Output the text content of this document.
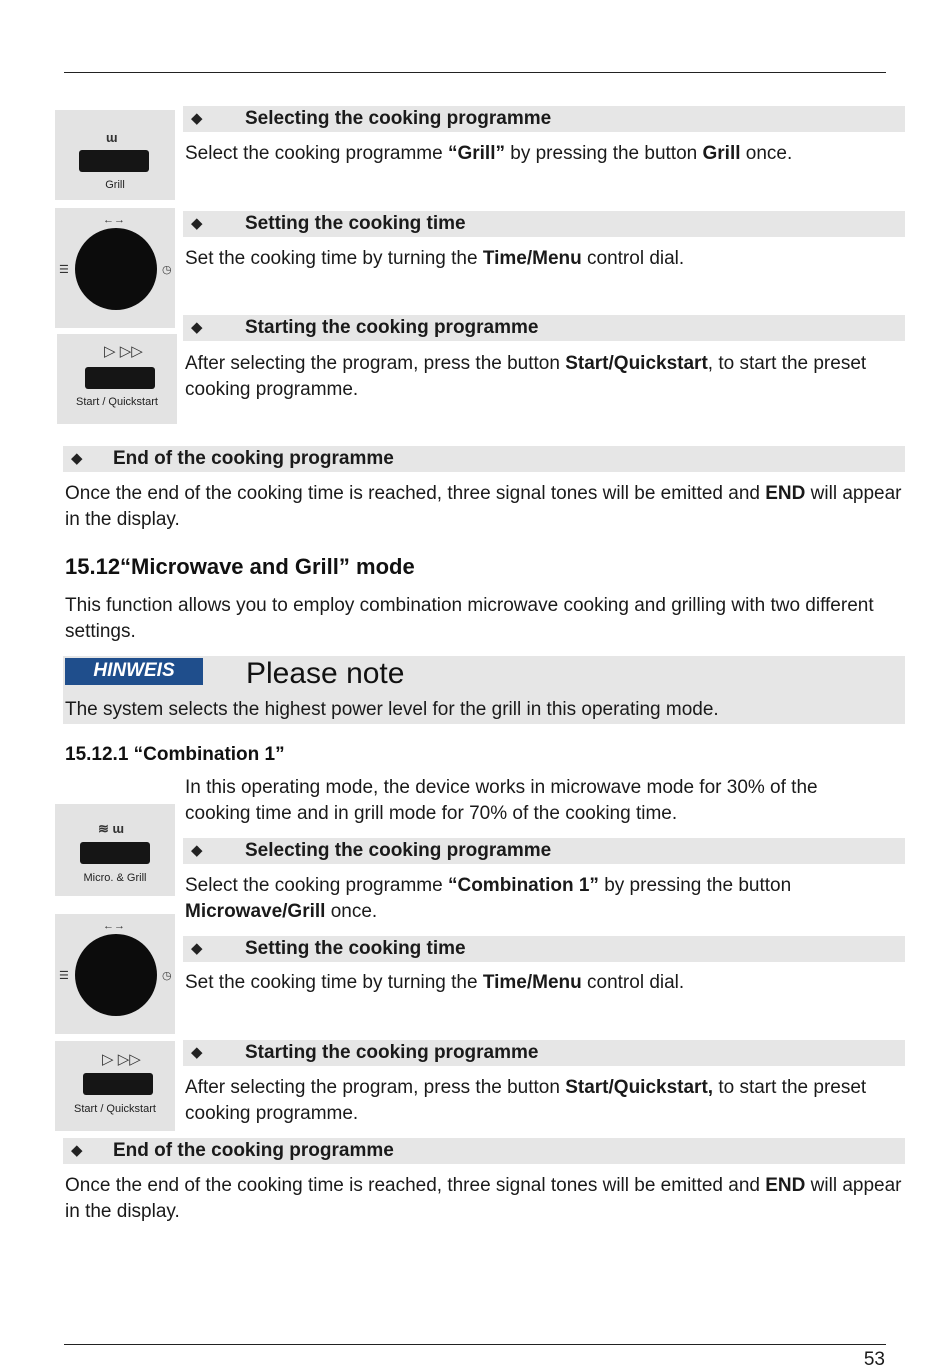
ɯ
Grill
←→
☰	◷
▷ ▷▷
Start / Quickstart
◆ Selecting the cooking programme
Select the cooking programme “Grill” by pressing the button Grill once.
◆ Setting the cooking time
Set the cooking time by turning the Time/Menu control dial.
◆ Starting the cooking programme
After selecting the program, press the button Start/Quickstart, to start the preset cooking programme.
◆ End of the cooking programme
Once the end of the cooking time is reached, three signal tones will be emitted and END will appear in the display.
15.12“Microwave and Grill” mode
This function allows you to employ combination microwave cooking and grilling with two different settings.
HINWEIS	Please note
The system selects the highest power level for the grill in this operating mode.
15.12.1 “Combination 1”
In this operating mode, the device works in microwave mode for 30% of the cooking time and in grill mode for 70% of the cooking time.
≋ ɯ
Micro. & Grill
←→
☰	◷
▷ ▷▷
Start / Quickstart
◆ Selecting the cooking programme
Select the cooking programme “Combination 1” by pressing the button
Microwave/Grill once.
◆ Setting the cooking time
Set the cooking time by turning the Time/Menu control dial.
◆ Starting the cooking programme
After selecting the program, press the button Start/Quickstart, to start the preset cooking programme.
◆ End of the cooking programme
Once the end of the cooking time is reached, three signal tones will be emitted and END will appear in the display.
53
